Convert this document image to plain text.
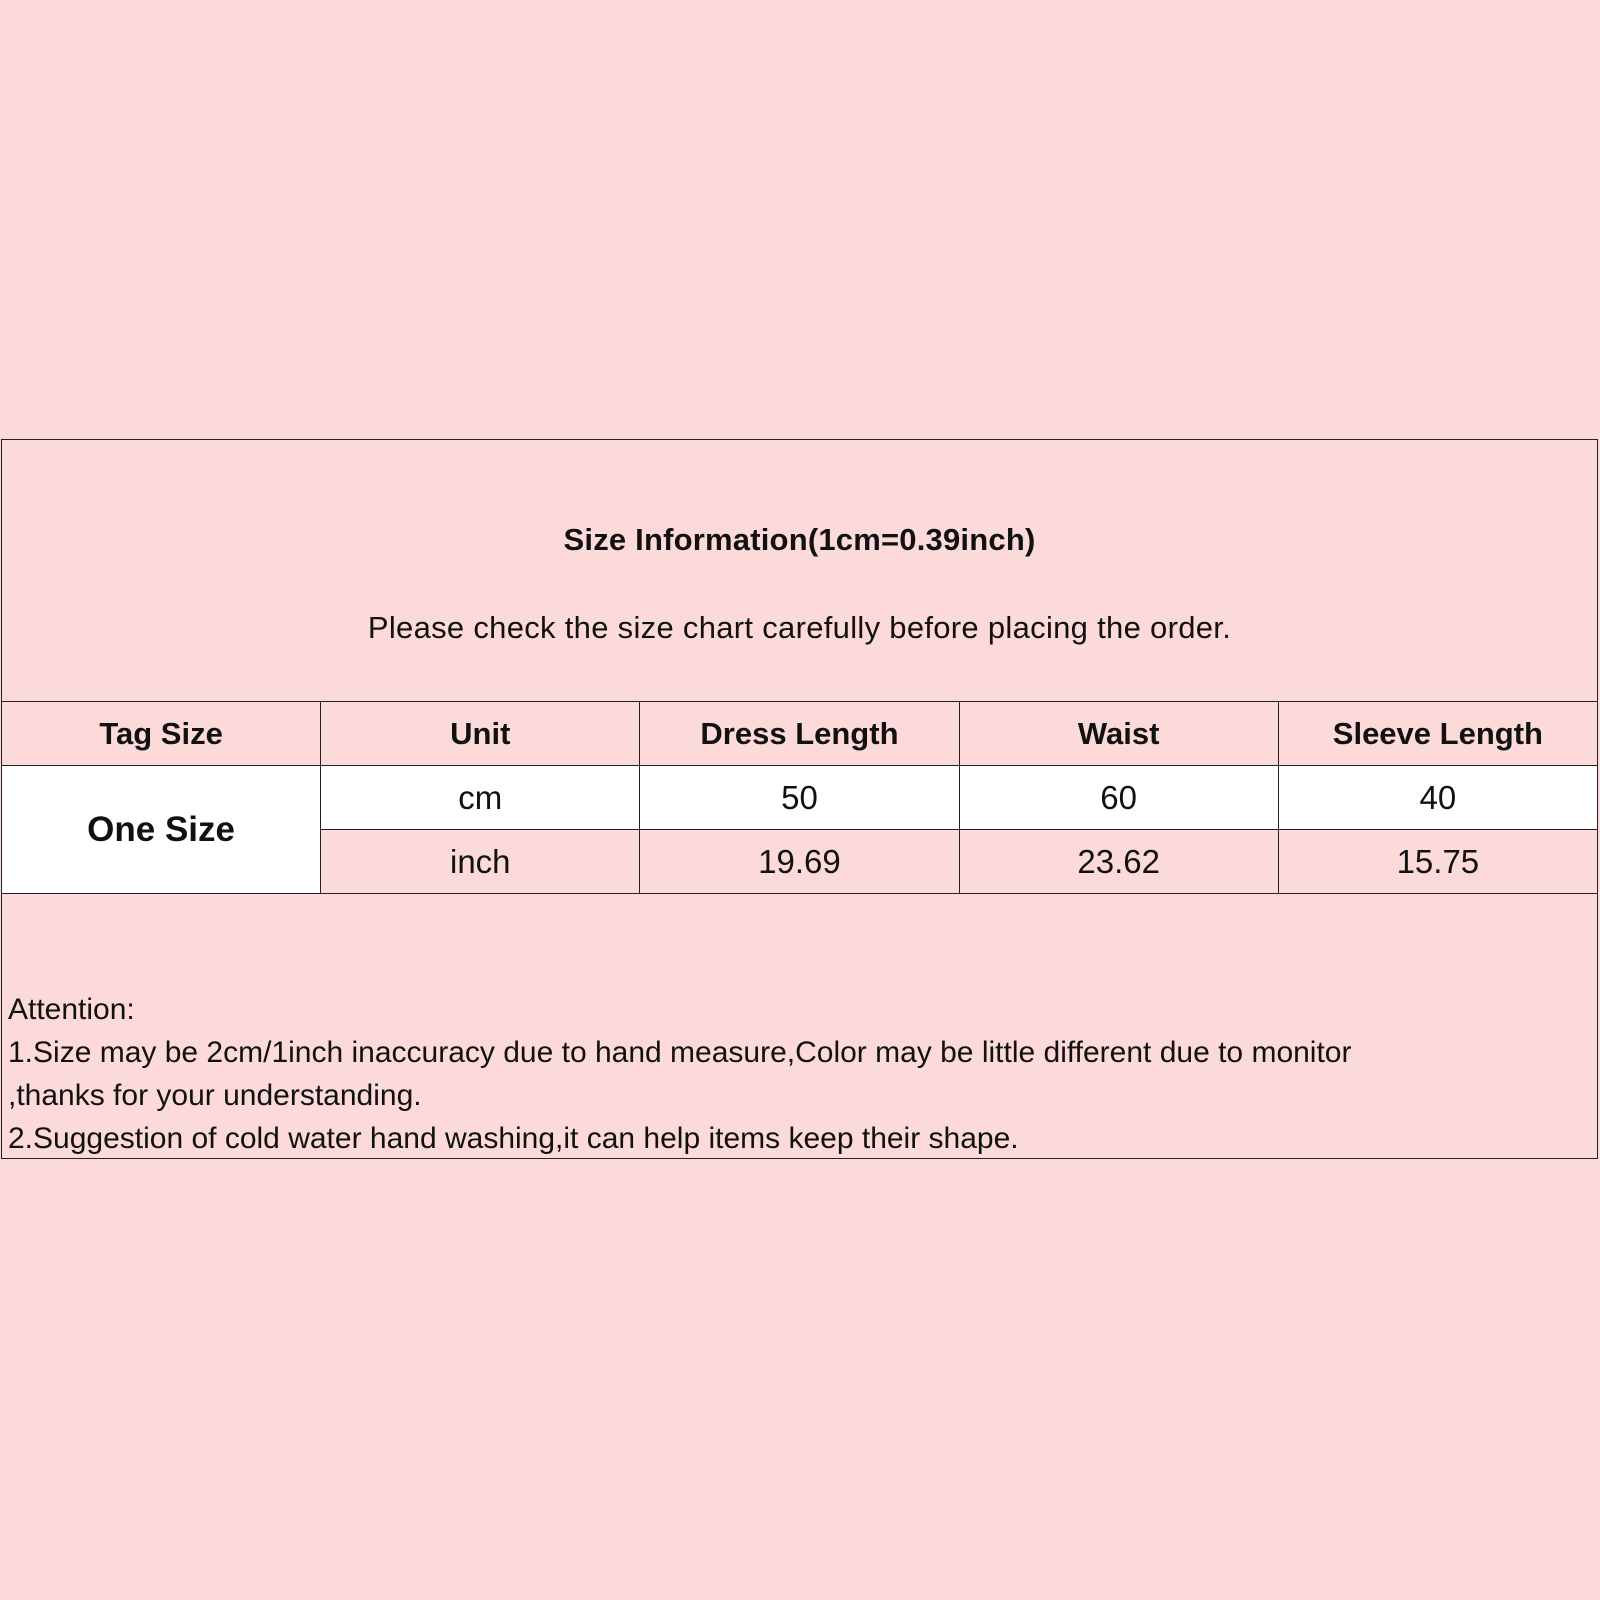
Size Information(1cm=0.39inch)
Please check the size chart carefully before placing the order.
Tag Size	Unit	Dress Length	Waist	Sleeve Length
One Size	cm	50	60	40
	inch	19.69	23.62	15.75
Attention:
1.Size may be 2cm/1inch inaccuracy due to hand measure,Color may be little different due to monitor
,thanks for your understanding.
2.Suggestion of cold water hand washing,it can help items keep their shape.
